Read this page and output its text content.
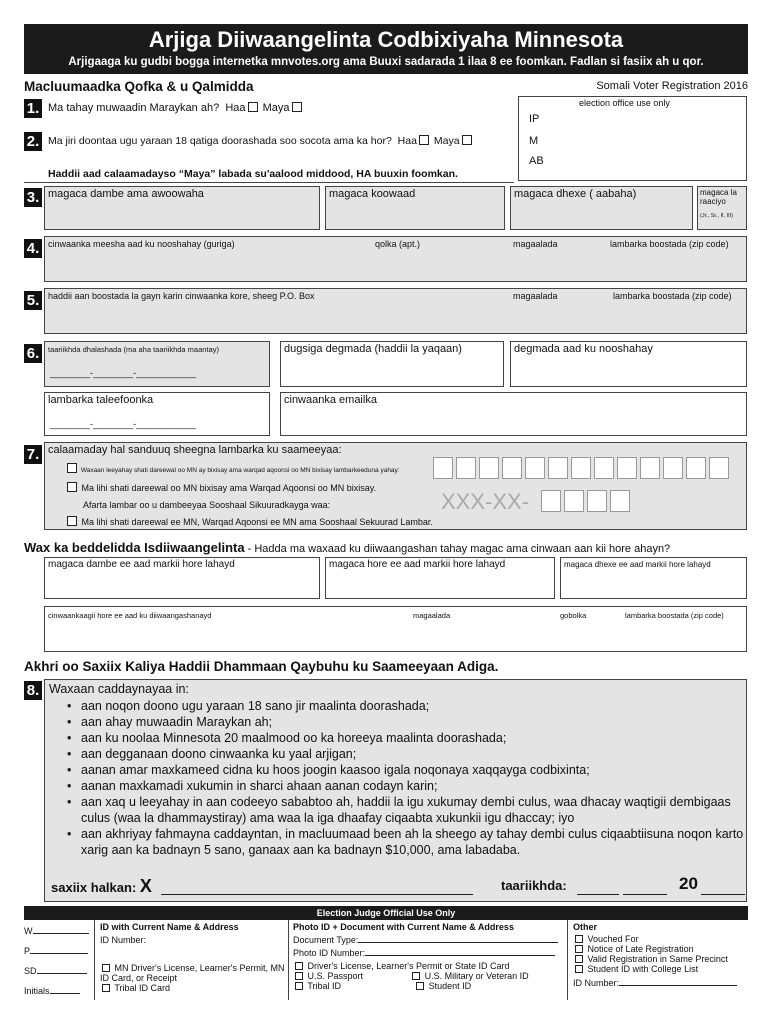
Arjiga Diiwaangelinta Codbixiyaha Minnesota
Arjigaaga ku gudbi bogga internetka mnvotes.org ama Buuxi sadarada 1 ilaa 8 ee foomkan. Fadlan si fasiix ah u qor.
Macluumaadka Qofka & u Qalmidda	Somali Voter Registration 2016
election office use only
IP
M
AB
1. Ma tahay muwaadin Maraykan ah? Haa Maya
2. Ma jiri doontaa ugu yaraan 18 qatiga doorashada soo socota ama ka hor? Haa Maya
Haddii aad calaamadayso “Maya” labada su'aalood middood, HA buuxin foomkan.
3. magaca dambe ama awoowaha	magaca koowaad	magaca dhexe ( aabaha)	magaca la raaciyo
(Jr., Sr., II, III)
4. cinwaanka meesha aad ku nooshahay (guriga)	qolka (apt.)	magaalada	lambarka boostada (zip code)
5. haddii aan boostada la gayn karin cinwaanka kore, sheeg P.O. Box	magaalada	lambarka boostada (zip code)
6.	taariikhda dhalashada (ma aha taariikhda maantay)
________-________-____________
dugsiga degmada (haddii la yaqaan)	degmada aad ku nooshahay
lambarka taleefoonka
________-________-____________
cinwaanka emailka
7. calaamaday hal sanduuq sheegna lambarka ku saameeyaa:
Waxaan leeyahay shati dareewal oo MN ay bixisay ama warqad aqoonsi oo MN bixisay lambarkeeduna yahay:
Ma lihi shati dareewal oo MN bixisay ama Warqad Aqoonsi oo MN bixisay.
Afarta lambar oo u dambeeyaa Sooshaal Sikuuradkayga waa:	XXX-XX-
Ma lihi shati dareewal ee MN, Warqad Aqoonsi ee MN ama Sooshaal Sekuurad Lambar.
Wax ka beddelidda Isdiiwaangelinta - Hadda ma waxaad ku diiwaangashan tahay magac ama cinwaan aan kii hore ahayn?
magaca dambe ee aad markii hore lahayd	magaca hore ee aad markii hore lahayd	magaca dhexe ee aad markii hore lahayd
cinwaankaagii hore ee aad ku diiwaangashanayd	magaalada	gobolka	lambarka boostada (zip code)
Akhri oo Saxiix Kaliya Haddii Dhammaan Qaybuhu ku Saameeyaan Adiga.
8. Waxaan caddaynayaa in:
• aan noqon doono ugu yaraan 18 sano jir maalinta doorashada;
• aan ahay muwaadin Maraykan ah;
• aan ku noolaa Minnesota 20 maalmood oo ka horeeya maalinta doorashada;
• aan degganaan doono cinwaanka ku yaal arjigan;
• aanan amar maxkameed cidna ku hoos joogin kaasoo igala noqonaya xaqqayga codbixinta;
• aanan maxkamadi xukumin in sharci ahaan aanan codayn karin;
• aan xaq u leeyahay in aan codeeyo sababtoo ah, haddii la igu xukumay dembi culus, waa dhacay waqtigii dembigaas culus (waa la dhammaystiray) ama waa la iga dhaafay ciqaabta xukunkii igu dhaccay; iyo
• aan akhriyay fahmayna caddayntan, in macluumaad been ah la sheego ay tahay dembi culus ciqaabtiisuna noqon karto xarig aan ka badnayn 5 sano, ganaax aan ka badnayn $10,000, ama labadaba.
saxiix halkan: X	taariikhda:	20
Election Judge Official Use Only
W
P
SD
Initials
ID with Current Name & Address
ID Number:
MN Driver's License, Learner's Permit, MN ID Card, or Receipt
Tribal ID Card
Photo ID + Document with Current Name & Address
Document Type:
Photo ID Number:
Driver's License, Learner's Permit or State ID Card
U.S. Passport	U.S. Military or Veteran ID
Tribal ID	Student ID
Other
Vouched For
Notice of Late Registration
Valid Registration in Same Precinct
Student ID with College List
ID Number:
